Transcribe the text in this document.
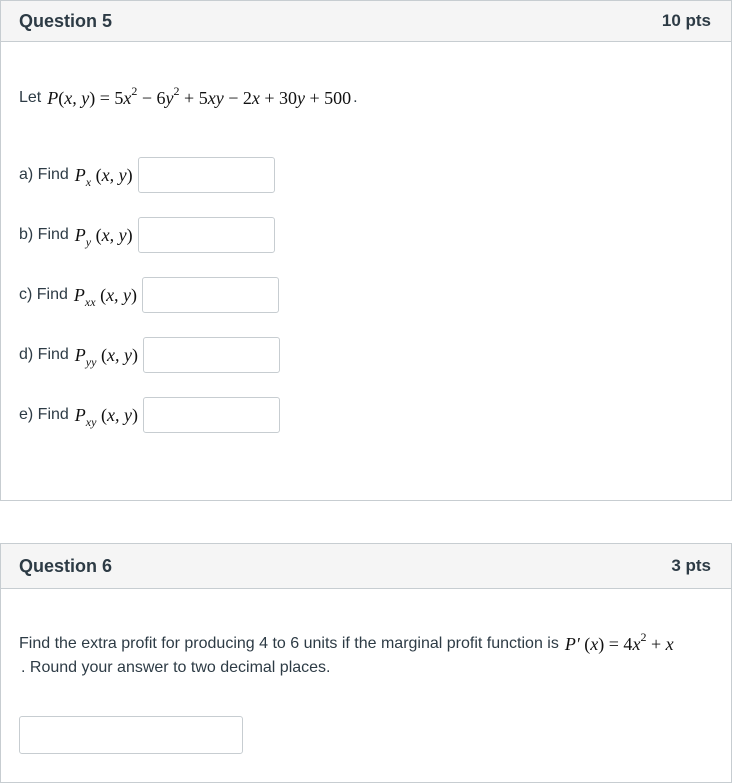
Question 5	10 pts
Let P(x, $y) = 5x^2 - 6y^2 + 5xy - 2x + 30y + 500$ .
a) Find $P_x$ (x, y)
b) Find $P_y$ (x, y)
c) Find $P_{xx}$ (x, y)
d) Find $P_{yy}$ (x, y)
e) Find $P_{xy}$ (x, y)
Question 6	3 pts
Find the extra profit for producing 4 to 6 units if the marginal profit function is P′ $(x) = 4x^2 + x$
. Round your answer to two decimal places.
